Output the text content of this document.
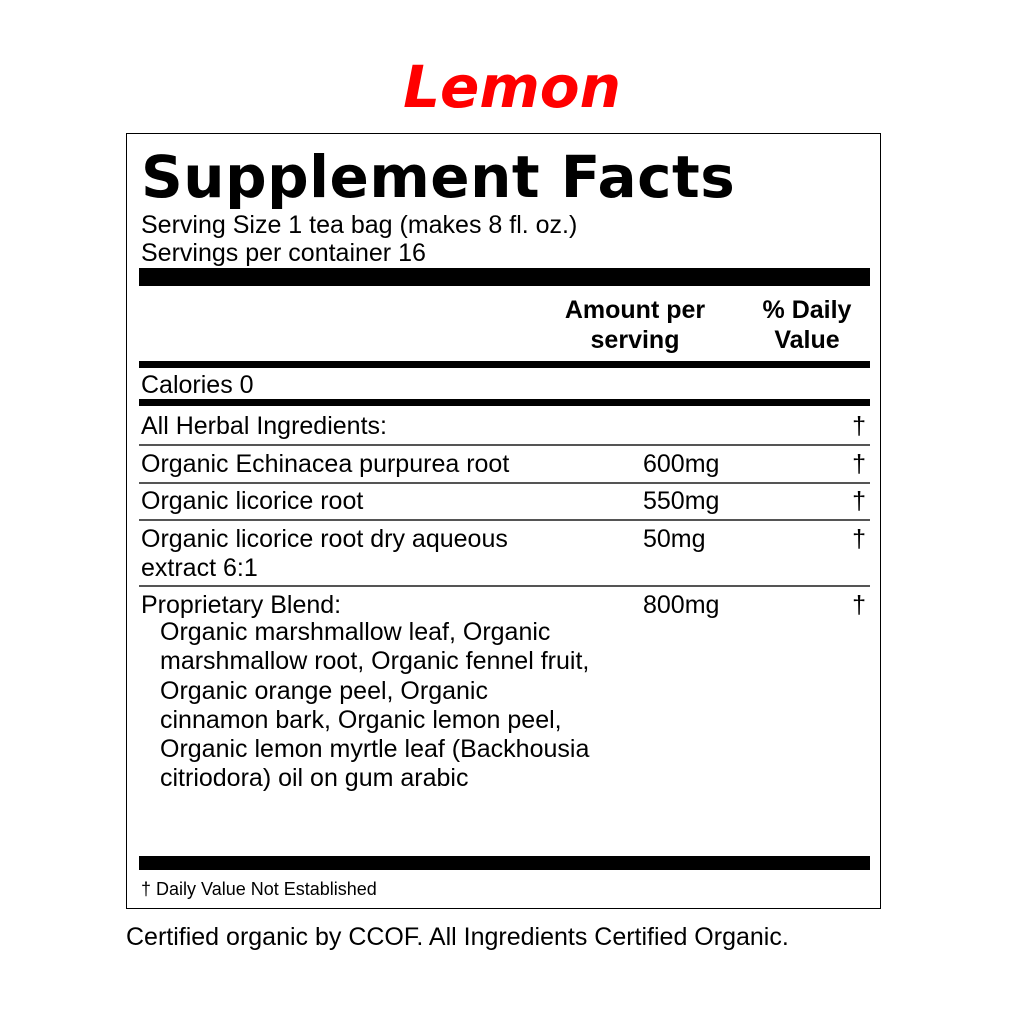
Lemon
Supplement Facts
Serving Size 1 tea bag (makes 8 fl. oz.)
Servings per container 16
Amount per
serving
% Daily
Value
Calories 0
All Herbal Ingredients:	†
Organic Echinacea purpurea root	600mg	†
Organic licorice root	550mg	†
Organic licorice root dry aqueous
extract 6:1
50mg	†
Proprietary Blend:	800mg	†
Organic marshmallow leaf, Organic marshmallow root, Organic fennel fruit, Organic orange peel, Organic cinnamon bark, Organic lemon peel, Organic lemon myrtle leaf (Backhousia citriodora) oil on gum arabic
† Daily Value Not Established
Certified organic by CCOF. All Ingredients Certified Organic.
